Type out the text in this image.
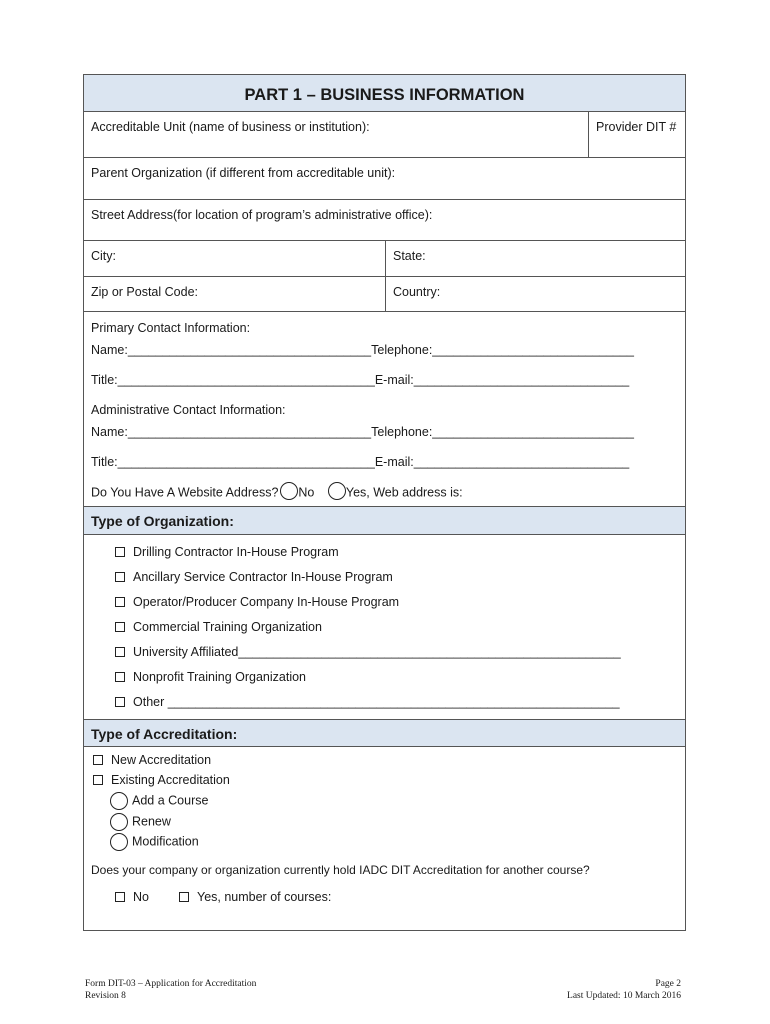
PART 1 – BUSINESS INFORMATION
Accreditable Unit (name of business or institution):	Provider DIT #
Parent Organization (if different from accreditable unit):
Street Address(for location of program’s administrative office):
City:	State:
Zip or Postal Code:	Country:
Primary Contact Information:
Name:___________________________________Telephone:_____________________________
Title:_____________________________________E-mail:_______________________________
Administrative Contact Information:
Name:___________________________________Telephone:_____________________________
Title:_____________________________________E-mail:_______________________________
Do You Have A Website Address? No	Yes, Web address is:
Type of Organization:
Drilling Contractor In-House Program
Ancillary Service Contractor In-House Program
Operator/Producer Company In-House Program
Commercial Training Organization
University Affiliated_______________________________________________________
Nonprofit Training Organization
Other _________________________________________________________________
Type of Accreditation:
New Accreditation
Existing Accreditation
Add a Course
Renew
Modification
Does your company or organization currently hold IADC DIT Accreditation for another course?
No	Yes, number of courses:
Form DIT-03 – Application for Accreditation
Revision 8
Page 2
Last Updated: 10 March 2016
